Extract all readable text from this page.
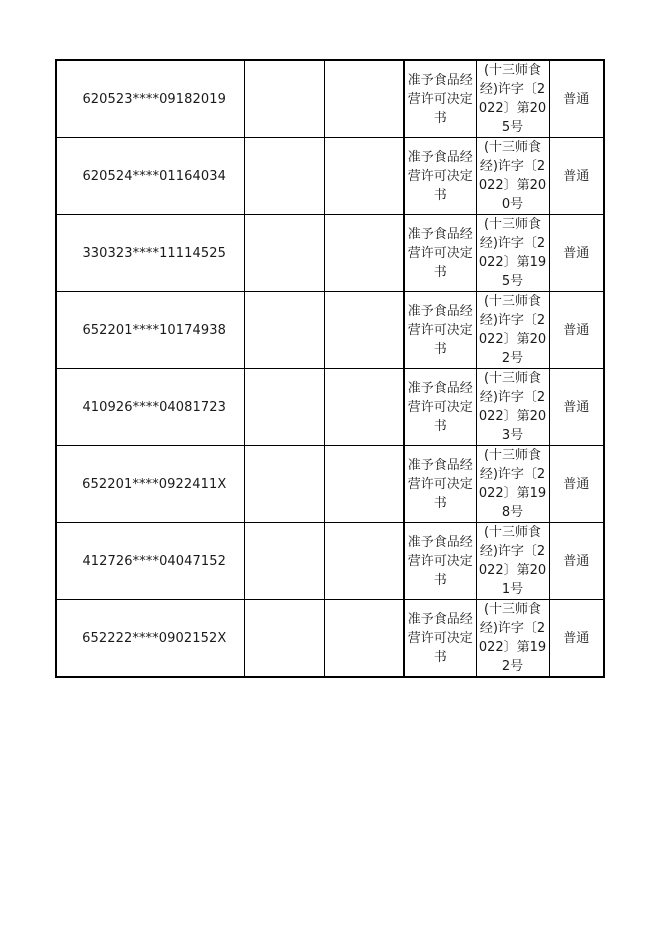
620523****09182019			准予食品经营许可决定书	(十三师食经)许字〔2022〕第205号	普通
620524****01164034			准予食品经营许可决定书	(十三师食经)许字〔2022〕第200号	普通
330323****11114525			准予食品经营许可决定书	(十三师食经)许字〔2022〕第195号	普通
652201****10174938			准予食品经营许可决定书	(十三师食经)许字〔2022〕第202号	普通
410926****04081723			准予食品经营许可决定书	(十三师食经)许字〔2022〕第203号	普通
652201****0922411X			准予食品经营许可决定书	(十三师食经)许字〔2022〕第198号	普通
412726****04047152			准予食品经营许可决定书	(十三师食经)许字〔2022〕第201号	普通
652222****0902152X			准予食品经营许可决定书	(十三师食经)许字〔2022〕第192号	普通
